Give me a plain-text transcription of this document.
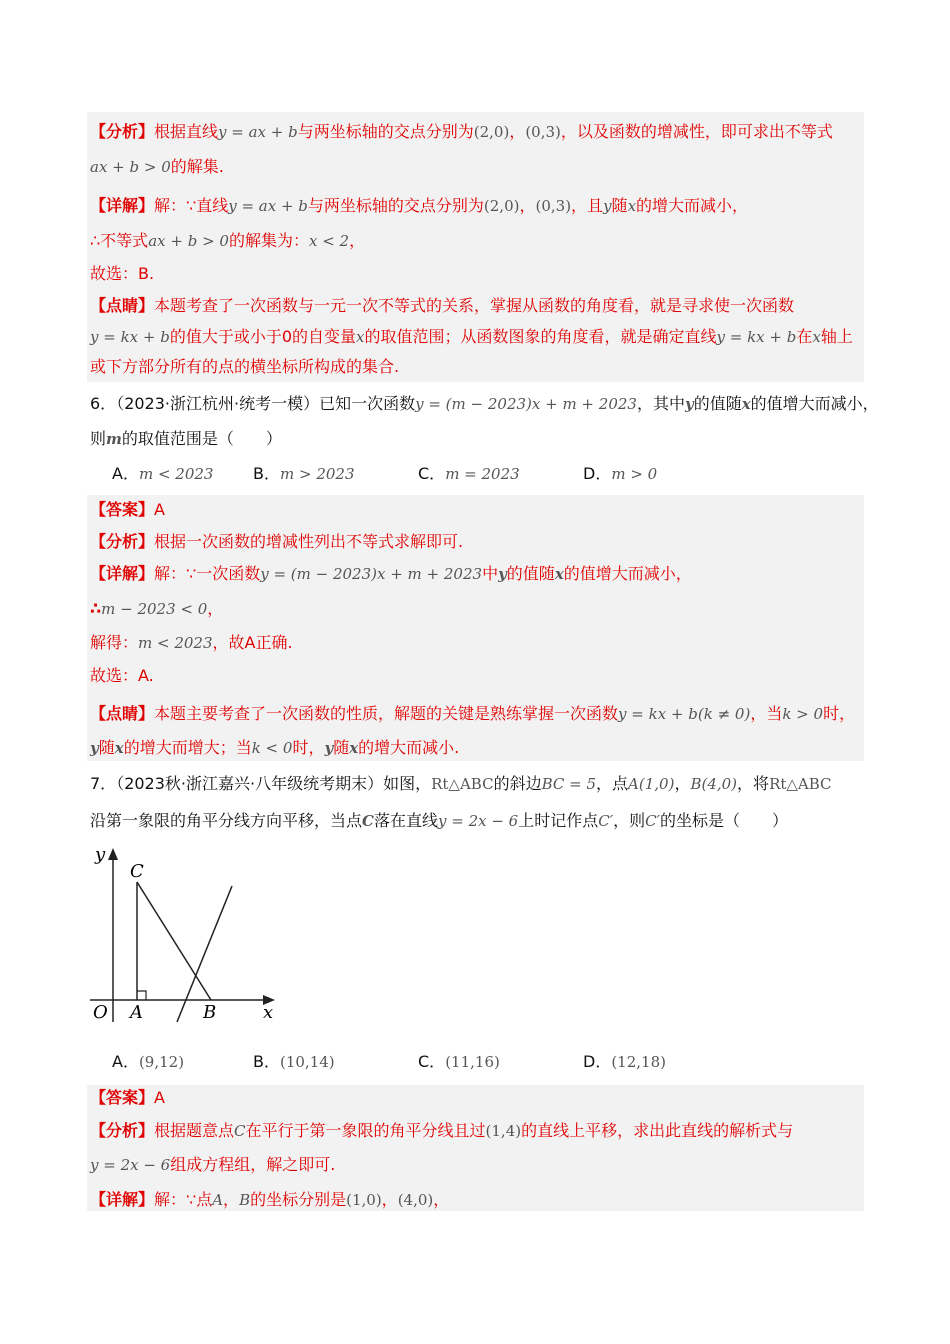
【分析】根据直线y = ax + b与两坐标轴的交点分别为(2,0)，(0,3)，以及函数的增减性，即可求出不等式
ax + b > 0的解集.
【详解】解：∵直线y = ax + b与两坐标轴的交点分别为(2,0)，(0,3)，且y随x的增大而减小，
∴不等式ax + b > 0的解集为：x < 2，
故选：B.
【点睛】本题考查了一次函数与一元一次不等式的关系，掌握从函数的角度看，就是寻求使一次函数
y = kx + b的值大于或小于0的自变量x的取值范围；从函数图象的角度看，就是确定直线y = kx + b在x轴上
或下方部分所有的点的横坐标所构成的集合.
6．（2023·浙江杭州·统考一模）已知一次函数y = (m − 2023)x + m + 2023，其中y的值随x的值增大而减小，
则m的取值范围是（　　）
A．m < 2023 B．m > 2023	C．m = 2023	D．m > 0
【答案】A
【分析】根据一次函数的增减性列出不等式求解即可.
【详解】解：∵一次函数y = (m − 2023)x + m + 2023中y的值随x的值增大而减小，
∴m − 2023 < 0，
解得：m < 2023，故A正确.
故选：A.
【点睛】本题主要考查了一次函数的性质，解题的关键是熟练掌握一次函数y = kx + b(k ≠ 0)，当k > 0时，
y随x的增大而增大；当k < 0时，y随x的增大而减小.
7．（2023秋·浙江嘉兴·八年级统考期末）如图，Rt△ABC的斜边BC = 5，点A(1,0)，B(4,0)，将Rt△ABC
沿第一象限的角平分线方向平移，当点C落在直线y = 2x − 6上时记作点C′，则C′的坐标是（　　）
y
C
O A	B	x
A．(9,12)	B．(10,14)	C．(11,16)	D．(12,18)
【答案】A
【分析】根据题意点C在平行于第一象限的角平分线且过(1,4)的直线上平移，求出此直线的解析式与
y = 2x − 6组成方程组，解之即可.
【详解】解：∵点A，B的坐标分别是(1,0)，(4,0)，
